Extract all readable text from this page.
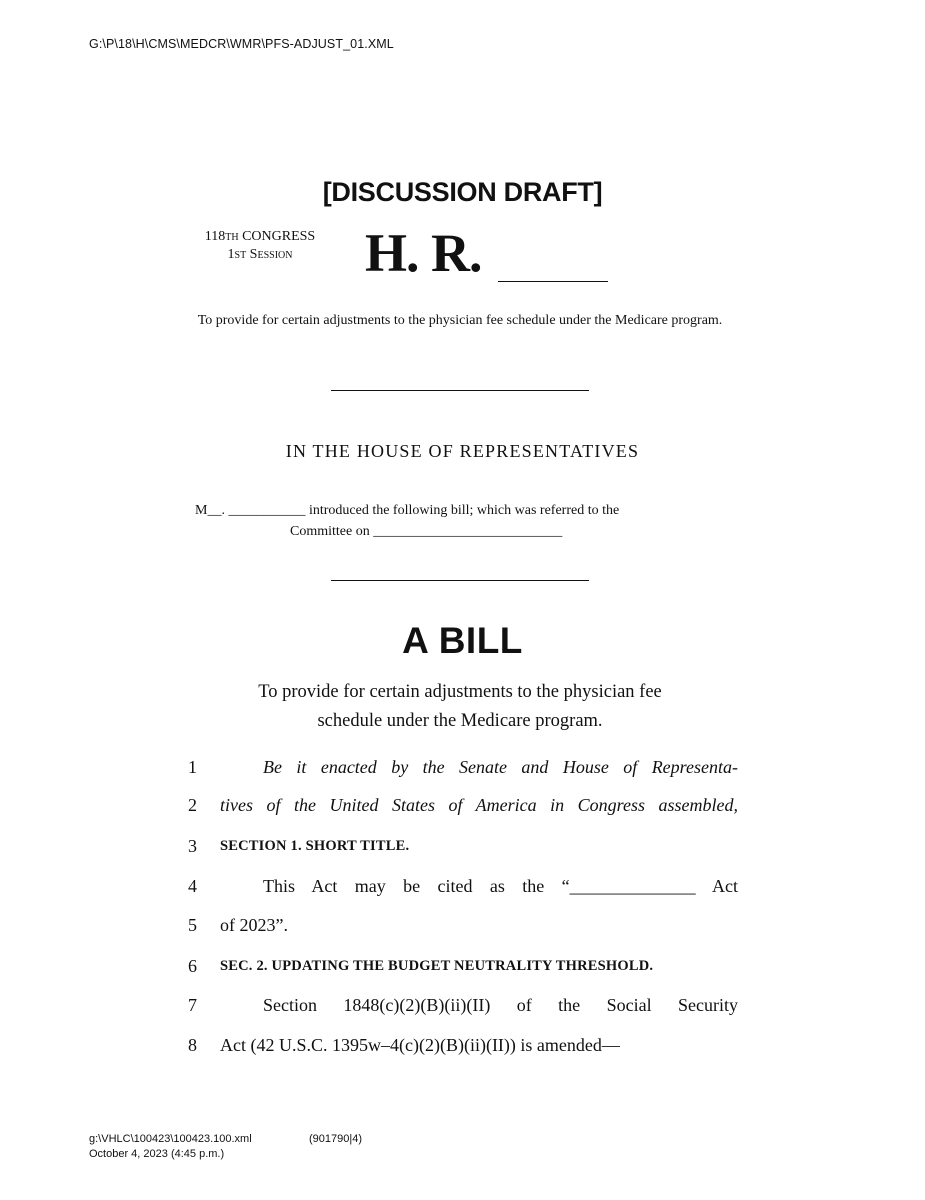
G:\P\18\H\CMS\MEDCR\WMR\PFS-ADJUST_01.XML
[DISCUSSION DRAFT]
118th CONGRESS
1st Session	H. R.
To provide for certain adjustments to the physician fee schedule under the Medicare program.
IN THE HOUSE OF REPRESENTATIVES
M__. ___________ introduced the following bill; which was referred to the
Committee on ___________________________
A BILL
To provide for certain adjustments to the physician fee
schedule under the Medicare program.
1	Be it enacted by the Senate and House of Representa-
2	tives of the United States of America in Congress assembled,
3	SECTION 1. SHORT TITLE.
4	This Act may be cited as the “______________ Act
5	of 2023”.
6	SEC. 2. UPDATING THE BUDGET NEUTRALITY THRESHOLD.
7	Section 1848(c)(2)(B)(ii)(II) of the Social Security
8	Act (42 U.S.C. 1395w–4(c)(2)(B)(ii)(II)) is amended—
g:\VHLC\100423\100423.100.xml	(901790|4)
October 4, 2023 (4:45 p.m.)
